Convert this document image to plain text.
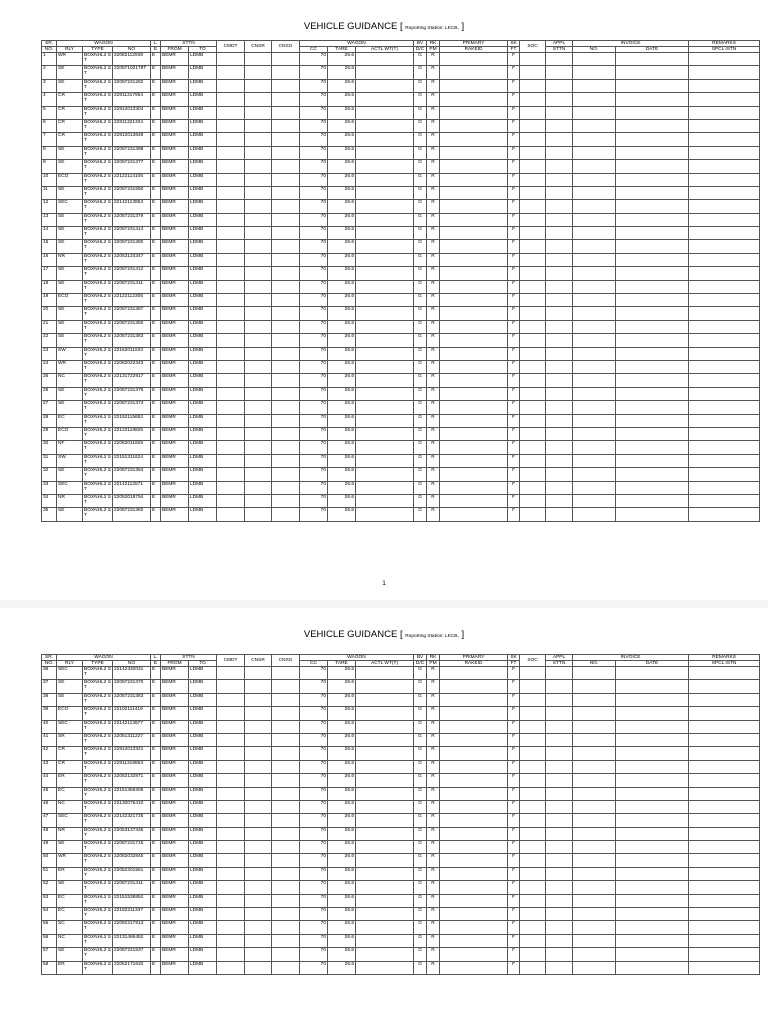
VEHICLE GUIDANCE [ Reporting Station: LKCB, ]
SR.	WAGON			L.	STTN		CMDT	CNSR	CNSG	WAGON			BV	RK	PRIMARY	SK	SOC	APPL	INVOICE		REMARKS
NO.	RLY	TYPE	NO	E	FROM	TO				CC	TARE	ACTL WT(T)	D/C	PM	RAKEID	FT		STTN	NO.	DATE	SPCL ISTN
1	WR	BOXNHL2 ST	22082112938	E	BEMR	LDMB				70	26.6		G	R		F					
2	SE	BOXNHL2 ST	22087102178T	E	BEMR	LDMB				70	26.6		G	R		F					
3	SE	BOXNHL2 ST	22087231282	E	BEMR	LDMB				70	26.6		G	R		F					
4	CR	BOXNHL2 ST	22811317954	E	BEMR	LDMB				70	26.6		G	R		F					
5	CR	BOXNHL2 ST	22812013304	E	BEMR	LDMB				70	26.6		G	R		F					
6	CR	BOXNHL2 ST	22811321334	E	BEMR	LDMB				70	26.6		G	R		F					
7	CR	BOXNHL2 ST	22812013649	E	BEMR	LDMB				70	26.6		G	R		F					
8	SE	BOXNHL2 ST	22087231398	E	BEMR	LDMB				70	26.6		G	R		F					
9	SE	BOXNHL2 ST	22087231377	E	BEMR	LDMB				70	26.6		G	R		F					
10	ECO	BOXNHL2 ST	22122114105	E	BEMR	LDMB				70	26.6		G	R		F					
11	SE	BOXNHL2 ST	22087231550	E	BEMR	LDMB				70	26.6		G	R		F					
12	SEC	BOXNHL2 ST	22142113853	E	BEMR	LDMB				70	26.6		G	R		F					
13	SE	BOXNHL2 ST	22087231379	E	BEMR	LDMB				70	26.6		G	R		F					
14	SE	BOXNHL2 ST	22087231414	E	BEMR	LDMB				70	26.6		G	R		F					
15	SE	BOXNHL2 ST	22087231380	E	BEMR	LDMB				70	26.6		G	R		F					
16	NR	BOXNHL2 ST	22053134347	E	BEMR	LDMB				70	26.6		G	R		F					
17	SE	BOXNHL2 ST	22087231412	E	BEMR	LDMB				70	26.6		G	R		F					
18	SE	BOXNHL2 ST	22087231411	E	BEMR	LDMB				70	26.6		G	R		F					
19	ECO	BOXNHL2 ST	22122112305	E	BEMR	LDMB				70	26.6		G	R		F					
20	SE	BOXNHL2 ST	22087231387	E	BEMR	LDMB				70	26.6		G	R		F					
21	SE	BOXNHL2 ST	22087231350	E	BEMR	LDMB				70	26.6		G	R		F					
22	SE	BOXNHL2 ST	22087231383	E	BEMR	LDMB				70	26.6		G	R		F					
23	SW	BOXNHL2 ST	22152011633	E	BEMR	LDMB				70	26.6		G	R		F					
24	WR	BOXNHL2 ST	22082022343	E	BEMR	LDMB				70	26.6		G	R		F					
25	NC	BOXNHL2 ST	22131722917	E	BEMR	LDMB				70	26.6		G	R		F					
26	SE	BOXNHL2 ST	22087231379	E	BEMR	LDMB				70	26.6		G	R		F					
27	SE	BOXNHL2 ST	22087231374	E	BEMR	LDMB				70	26.6		G	R		F					
28	EC	BOXNHL2 ST	22152115652	E	BEMR	LDMB				70	26.6		G	R		F					
29	ECO	BOXNHL2 ST	22122118825	E	BEMR	LDMB				70	26.6		G	R		F					
30	NF	BOXNHL2 ST	22052011825	E	BEMR	LDMB				70	26.6		G	R		F					
31	SW	BOXNHL2 ST	22151311624	E	BEMR	LDMB				70	26.6		G	R		F					
32	SE	BOXNHL2 ST	22087231384	E	BEMR	LDMB				70	26.6		G	R		F					
33	SEC	BOXNHL2 ST	22142112571	E	BEMR	LDMB				70	26.6		G	R		F					
34	NR	BOXNHL2 ST	22052018754	E	BEMR	LDMB				70	26.6		G	R		F					
35	SE	BOXNHL2 ST	22087231382	E	BEMR	LDMB				70	26.6		G	R		F					
1
VEHICLE GUIDANCE [ Reporting Station: LKCB, ]
SR.	WAGON			L.	STTN		CMDT	CNSR	CNSG	WAGON			BV	RK	PRIMARY	SK	SOC	APPL	INVOICE		REMARKS
NO.	RLY	TYPE	NO	E	FROM	TO				CC	TARE	ACTL WT(T)	D/C	PM	RAKEID	FT		STTN	NO.	DATE	SPCL ISTN
36	SEC	BOXNHL2 ST	22142332031	E	BEMR	LDMB				70	26.6		G	R		F					
37	SE	BOXNHL2 ST	22087231370	E	BEMR	LDMB				70	26.6		G	R		F					
38	SE	BOXNHL2 ST	22087231383	E	BEMR	LDMB				70	26.6		G	R		F					
39	ECO	BOXNHL2 ST	22102111419	E	BEMR	LDMB				70	26.6		G	R		F					
40	SEC	BOXNHL2 ST	22142113677	E	BEMR	LDMB				70	26.6		G	R		F					
41	SR	BOXNHL2 ST	22051311227	E	BEMR	LDMB				70	26.6		G	R		F					
42	CR	BOXNHL2 ST	22812013321	E	BEMR	LDMB				70	26.6		G	R		F					
43	CR	BOXNHL2 ST	22811319853	E	BEMR	LDMB				70	26.6		G	R		F					
44	ER	BOXNHL2 ST	22052132871	E	BEMR	LDMB				70	26.6		G	R		F					
45	EC	BOXNHL2 ST	22151358308	E	BEMR	LDMB				70	26.6		G	R		F					
46	NC	BOXNHL2 ST	22130075410	E	BEMR	LDMB				70	26.6		G	R		F					
47	SEC	BOXNHL2 ST	22142321725	E	BEMR	LDMB				70	26.6		G	R		F					
48	NR	BOXNHL2 ST	22053137335	E	BEMR	LDMB				70	26.6		G	R		F					
49	SE	BOXNHL2 ST	22087231715	E	BEMR	LDMB				70	26.6		G	R		F					
50	WR	BOXNHL2 ST	22082032845	E	BEMR	LDMB				70	26.6		G	R		F					
51	ER	BOXNHL2 ST	22052201551	E	BEMR	LDMB				70	26.6		G	R		F					
52	SE	BOXNHL2 ST	22087231411	E	BEMR	LDMB				70	26.6		G	R		F					
53	EC	BOXNHL2 ST	22151538852	E	BEMR	LDMB				70	26.6		G	R		F					
54	EC	BOXNHL2 ST	22182211337	E	BEMR	LDMB				70	26.6		G	R		F					
55	SC	BOXNHL2 ST	22092217913	E	BEMR	LDMB				70	26.6		G	R		F					
56	NC	BOXNHL2 ST	22131466452	E	BEMR	LDMB				70	26.6		G	R		F					
57	SE	BOXNHL2 ST	22087231537	E	BEMR	LDMB				70	26.6		G	R		F					
58	ER	BOXNHL2 ST	22052171632	E	BEMR	LDMB				70	26.6		G	R		F					
